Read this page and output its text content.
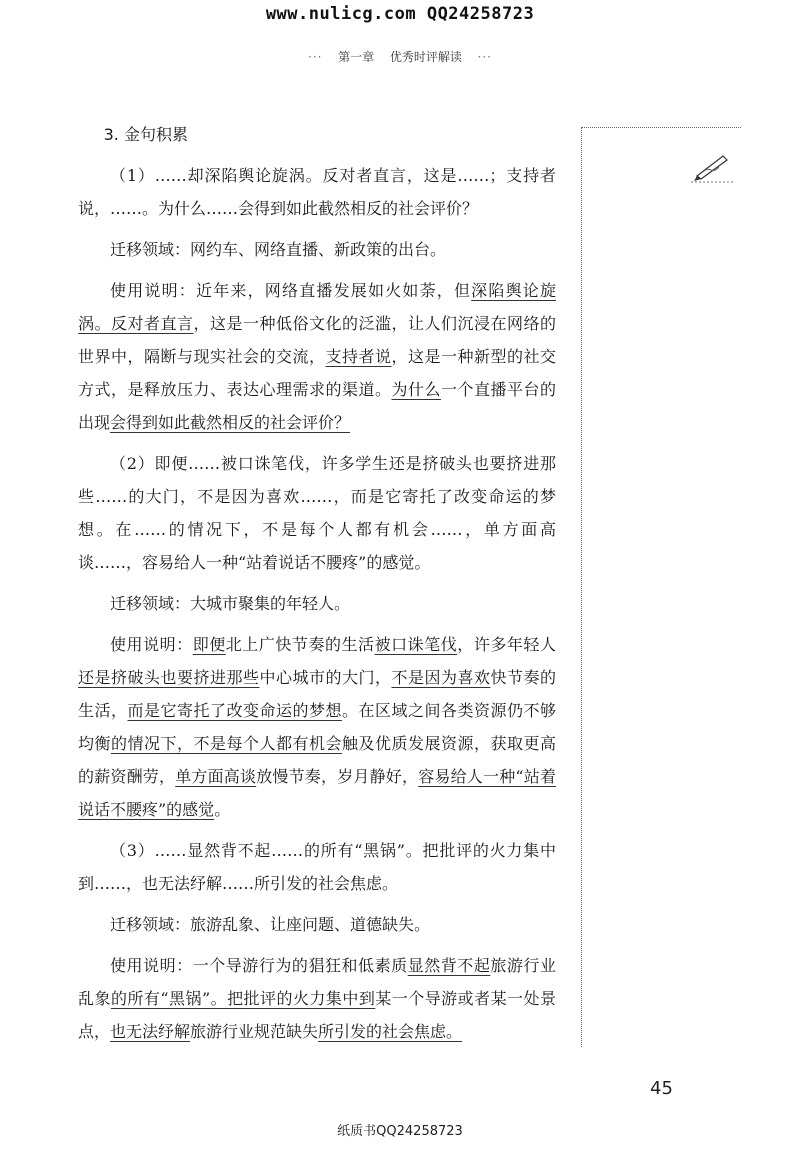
www.nulicg.com QQ24258723
··· 第一章 优秀时评解读 ···

3. 金句积累

（1）……却深陷舆论旋涡。反对者直言，这是……；支持者说，……。为什么……会得到如此截然相反的社会评价？

迁移领域：网约车、网络直播、新政策的出台。

使用说明：近年来，网络直播发展如火如荼，但深陷舆论旋涡。反对者直言，这是一种低俗文化的泛滥，让人们沉浸在网络的世界中，隔断与现实社会的交流，支持者说，这是一种新型的社交方式，是释放压力、表达心理需求的渠道。为什么一个直播平台的出现会得到如此截然相反的社会评价？

（2）即便……被口诛笔伐，许多学生还是挤破头也要挤进那些……的大门，不是因为喜欢……，而是它寄托了改变命运的梦想。在……的情况下，不是每个人都有机会……，单方面高谈……，容易给人一种“站着说话不腰疼”的感觉。

迁移领域：大城市聚集的年轻人。

使用说明：即便北上广快节奏的生活被口诛笔伐，许多年轻人还是挤破头也要挤进那些中心城市的大门，不是因为喜欢快节奏的生活，而是它寄托了改变命运的梦想。在区域之间各类资源仍不够均衡的情况下，不是每个人都有机会触及优质发展资源，获取更高的薪资酬劳，单方面高谈放慢节奏，岁月静好，容易给人一种“站着说话不腰疼”的感觉。

（3）……显然背不起……的所有“黑锅”。把批评的火力集中到……，也无法纾解……所引发的社会焦虑。

迁移领域：旅游乱象、让座问题、道德缺失。

使用说明：一个导游行为的猖狂和低素质显然背不起旅游行业乱象的所有“黑锅”。把批评的火力集中到某一个导游或者某一处景点，也无法纾解旅游行业规范缺失所引发的社会焦虑。

45
纸质书QQ24258723
